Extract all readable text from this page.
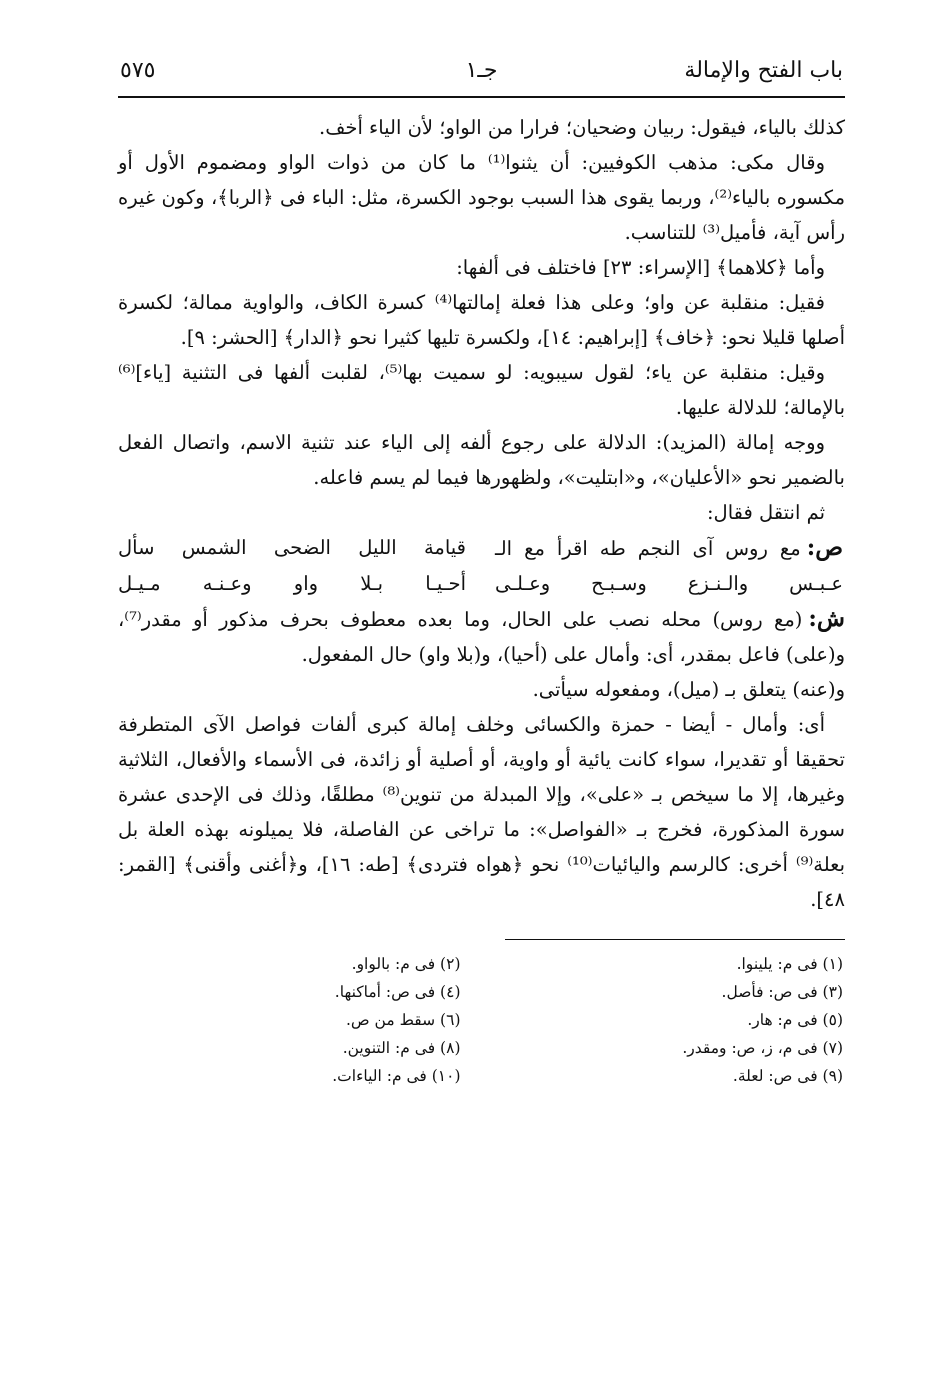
باب الفتح والإمالة
٥٧٥	جـ١

كذلك بالياء، فيقول: ربيان وضحيان؛ فرارا من الواو؛ لأن الياء أخف.

وقال مكى: مذهب الكوفيين: أن يثنوا⁽¹⁾ ما كان من ذوات الواو ومضموم الأول أو مكسوره بالياء⁽²⁾، وربما يقوى هذا السبب بوجود الكسرة، مثل: الباء فى ﴿الربا﴾، وكون غيره رأس آية، فأميل⁽³⁾ للتناسب.

وأما ﴿كلاهما﴾ [الإسراء: ٢٣] فاختلف فى ألفها:

فقيل: منقلبة عن واو؛ وعلى هذا فعلة إمالتها⁽⁴⁾ كسرة الكاف، والواوية ممالة؛ لكسرة أصلها قليلا نحو: ﴿خاف﴾ [إبراهيم: ١٤]، ولكسرة تليها كثيرا نحو ﴿الدار﴾ [الحشر: ٩].

وقيل: منقلبة عن ياء؛ لقول سيبويه: لو سميت بها⁽⁵⁾، لقلبت ألفها فى التثنية [ياء]⁽⁶⁾ بالإمالة؛ للدلالة عليها.

ووجه إمالة (المزيد): الدلالة على رجوع ألفه إلى الياء عند تثنية الاسم، واتصال الفعل بالضمير نحو «الأعليان»، و«ابتليت»، ولظهورها فيما لم يسم فاعله.

ثم انتقل فقال:

ص:مع روس آى النجم طه اقرأ مع الـ
قيامة الليل الضحى الشمس سأل
عـبـس والـنـزع وسـبـح وعـلـى
أحـيـا بـلا واو وعـنـه مـيـل

ش:(مع روس) محله نصب على الحال، وما بعده معطوف بحرف مذكور أو مقدر⁽⁷⁾، و(على) فاعل بمقدر، أى: وأمال على (أحيا)، و(بلا واو) حال المفعول.

و(عنه) يتعلق بـ (ميل)، ومفعوله سيأتى.

أى: وأمال - أيضا - حمزة والكسائى وخلف إمالة كبرى ألفات فواصل الآى المتطرفة تحقيقا أو تقديرا، سواء كانت يائية أو واوية، أو أصلية أو زائدة، فى الأسماء والأفعال، الثلاثية وغيرها، إلا ما سيخص بـ «على»، وإلا المبدلة من تنوين⁽⁸⁾ مطلقًا، وذلك فى الإحدى عشرة سورة المذكورة، فخرج بـ «الفواصل»: ما تراخى عن الفاصلة، فلا يميلونه بهذه العلة بل بعلة⁽⁹⁾ أخرى: كالرسم واليائيات⁽¹⁰⁾ نحو ﴿هواه فتردى﴾ [طه: ١٦]، و﴿أغنى وأقنى﴾ [القمر: ٤٨].

(١) فى م: يلينوا.
(٢) فى م: بالواو.
(٣) فى ص: فأصل.
(٤) فى ص: أماكنها.
(٥) فى م: هار.
(٦) سقط من ص.
(٧) فى م، ز، ص: ومقدر.
(٨) فى م: التنوين.
(٩) فى ص: لعلة.
(١٠) فى م: الياءات.
